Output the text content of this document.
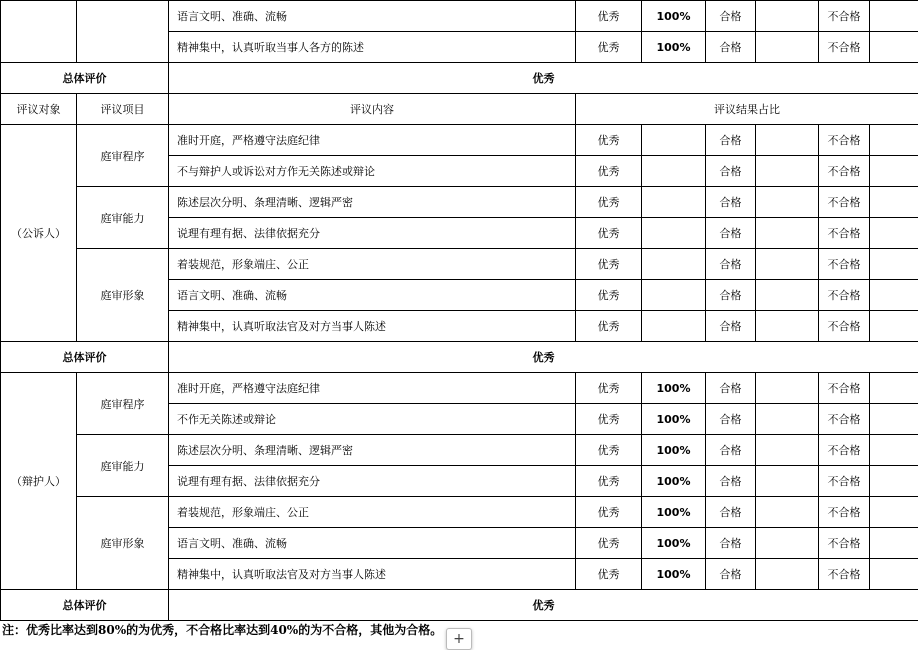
		语言文明、准确、流畅	优秀	100%	合格		不合格	
		精神集中，认真听取当事人各方的陈述	优秀	100%	合格		不合格	
总体评价		优秀						
评议对象	评议项目	评议内容	评议结果占比					
（公诉人）	庭审程序	准时开庭，严格遵守法庭纪律	优秀		合格		不合格	
		不与辩护人或诉讼对方作无关陈述或辩论	优秀		合格		不合格	
	庭审能力	陈述层次分明、条理清晰、逻辑严密	优秀		合格		不合格	
		说理有理有据、法律依据充分	优秀		合格		不合格	
	庭审形象	着装规范，形象端庄、公正	优秀		合格		不合格	
		语言文明、准确、流畅	优秀		合格		不合格	
		精神集中，认真听取法官及对方当事人陈述	优秀		合格		不合格	
总体评价		优秀						
（辩护人）	庭审程序	准时开庭，严格遵守法庭纪律	优秀	100%	合格		不合格	
		不作无关陈述或辩论	优秀	100%	合格		不合格	
	庭审能力	陈述层次分明、条理清晰、逻辑严密	优秀	100%	合格		不合格	
		说理有理有据、法律依据充分	优秀	100%	合格		不合格	
	庭审形象	着装规范，形象端庄、公正	优秀	100%	合格		不合格	
		语言文明、准确、流畅	优秀	100%	合格		不合格	
		精神集中，认真听取法官及对方当事人陈述	优秀	100%	合格		不合格	
总体评价		优秀						
注：优秀比率达到80%的为优秀，不合格比率达到40%的为不合格，其他为合格。
+
